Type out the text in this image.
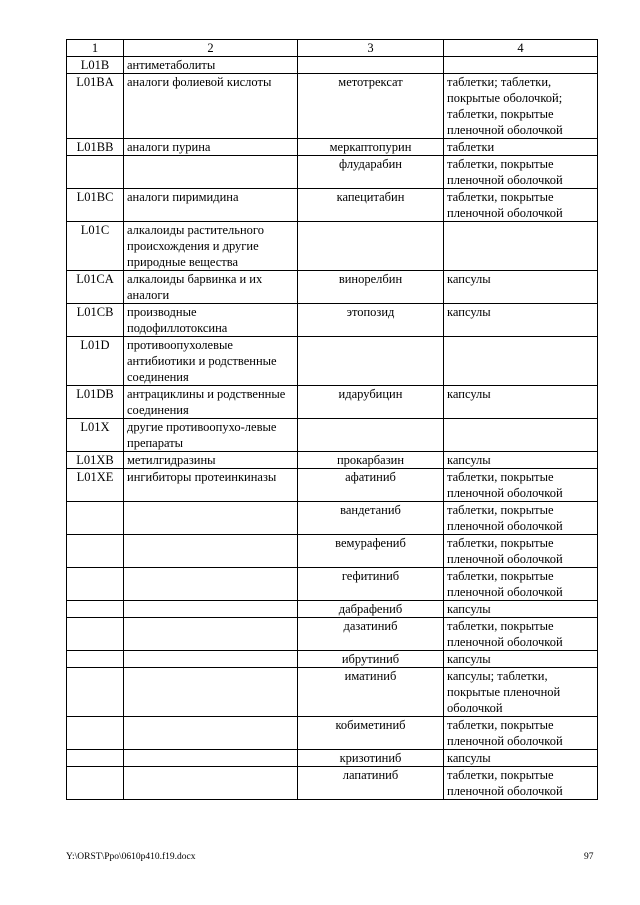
1	2	3	4
L01B	антиметаболиты		
L01BA	аналоги фолиевой кислоты	метотрексат	таблетки; таблетки, покрытые оболочкой; таблетки, покрытые пленочной оболочкой
L01BB	аналоги пурина	меркаптопурин	таблетки
		флударабин	таблетки, покрытые пленочной оболочкой
L01BC	аналоги пиримидина	капецитабин	таблетки, покрытые пленочной оболочкой
L01C	алкалоиды растительного происхождения и другие природные вещества		
L01CA	алкалоиды барвинка и их аналоги	винорелбин	капсулы
L01CB	производные подофиллотоксина	этопозид	капсулы
L01D	противоопухолевые антибиотики и родственные соединения		
L01DB	антрациклины и родственные соединения	идарубицин	капсулы
L01X	другие противоопухо-левые препараты		
L01XB	метилгидразины	прокарбазин	капсулы
L01XE	ингибиторы протеинкиназы	афатиниб	таблетки, покрытые пленочной оболочкой
		вандетаниб	таблетки, покрытые пленочной оболочкой
		вемурафениб	таблетки, покрытые пленочной оболочкой
		гефитиниб	таблетки, покрытые пленочной оболочкой
		дабрафениб	капсулы
		дазатиниб	таблетки, покрытые пленочной оболочкой
		ибрутиниб	капсулы
		иматиниб	капсулы; таблетки, покрытые пленочной оболочкой
		кобиметиниб	таблетки, покрытые пленочной оболочкой
		кризотиниб	капсулы
		лапатиниб	таблетки, покрытые пленочной оболочкой
Y:\ORST\Ppo\0610p410.f19.docx	97
